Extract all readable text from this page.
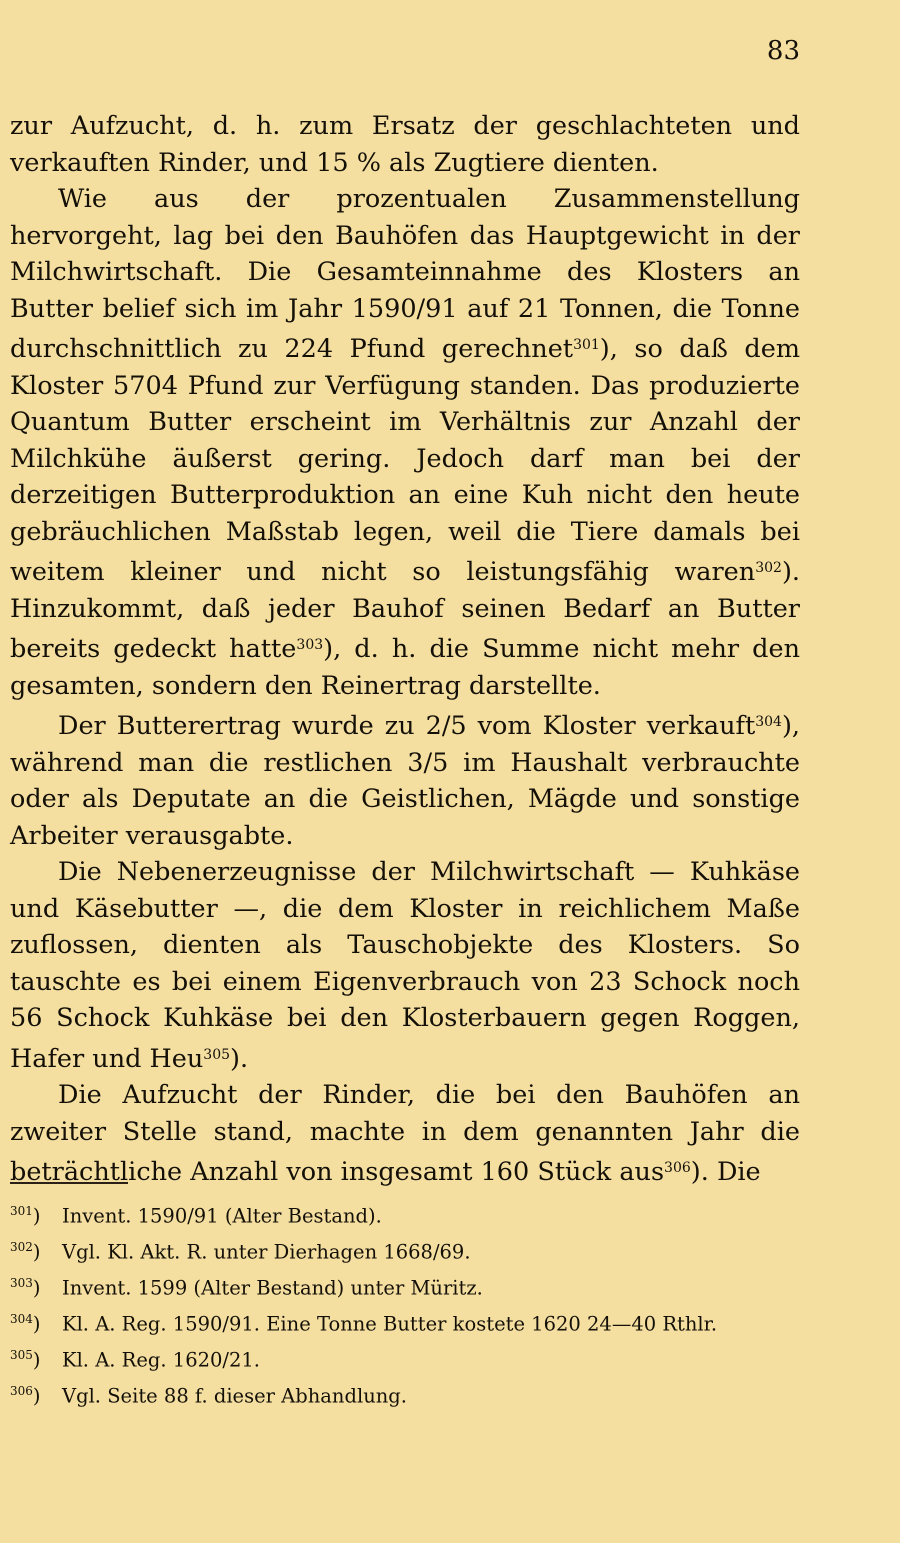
83

zur Aufzucht, d. h. zum Ersatz der geschlachteten und verkauften Rinder, und 15 % als Zugtiere dienten.

Wie aus der prozentualen Zusammenstellung hervorgeht, lag bei den Bauhöfen das Hauptgewicht in der Milchwirtschaft. Die Gesamteinnahme des Klosters an Butter belief sich im Jahr 1590/91 auf 21 Tonnen, die Tonne durchschnittlich zu 224 Pfund gerechnet$^{301}$), so daß dem Kloster 5704 Pfund zur Verfügung standen. Das produzierte Quantum Butter erscheint im Verhältnis zur Anzahl der Milchkühe äußerst gering. Jedoch darf man bei der derzeitigen Butterproduktion an eine Kuh nicht den heute gebräuchlichen Maßstab legen, weil die Tiere damals bei weitem kleiner und nicht so leistungsfähig waren$^{302}$). Hinzukommt, daß jeder Bauhof seinen Bedarf an Butter bereits gedeckt hatte$^{303}$), d. h. die Summe nicht mehr den gesamten, sondern den Reinertrag darstellte.

Der Butterertrag wurde zu 2/5 vom Kloster verkauft$^{304}$), während man die restlichen 3/5 im Haushalt verbrauchte oder als Deputate an die Geistlichen, Mägde und sonstige Arbeiter verausgabte.

Die Nebenerzeugnisse der Milchwirtschaft — Kuhkäse und Käsebutter —, die dem Kloster in reichlichem Maße zuflossen, dienten als Tauschobjekte des Klosters. So tauschte es bei einem Eigenverbrauch von 23 Schock noch 56 Schock Kuhkäse bei den Klosterbauern gegen Roggen, Hafer und Heu$^{305}$).

Die Aufzucht der Rinder, die bei den Bauhöfen an zweiter Stelle stand, machte in dem genannten Jahr die beträchtliche Anzahl von insgesamt 160 Stück aus$^{306}$). Die

$^{301}$) Invent. 1590/91 (Alter Bestand).
$^{302}$) Vgl. Kl. Akt. R. unter Dierhagen 1668/69.
$^{303}$) Invent. 1599 (Alter Bestand) unter Müritz.
$^{304}$) Kl. A. Reg. 1590/91. Eine Tonne Butter kostete 1620 24—40 Rthlr.
$^{305}$) Kl. A. Reg. 1620/21.
$^{306}$) Vgl. Seite 88 f. dieser Abhandlung.
